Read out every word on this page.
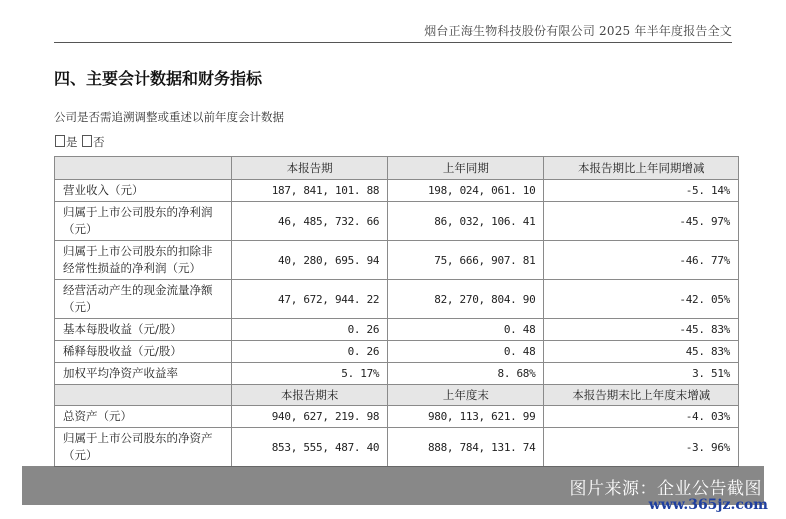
烟台正海生物科技股份有限公司 2025 年半年度报告全文
四、主要会计数据和财务指标
公司是否需追溯调整或重述以前年度会计数据
是 否
	本报告期	上年同期	本报告期比上年同期增减
营业收入（元）	187, 841, 101. 88	198, 024, 061. 10	-5. 14%
归属于上市公司股东的净利润（元）	46, 485, 732. 66	86, 032, 106. 41	-45. 97%
归属于上市公司股东的扣除非经常性损益的净利润（元）	40, 280, 695. 94	75, 666, 907. 81	-46. 77%
经营活动产生的现金流量净额（元）	47, 672, 944. 22	82, 270, 804. 90	-42. 05%
基本每股收益（元/股）	0. 26	0. 48	-45. 83%
稀释每股收益（元/股）	0. 26	0. 48	45. 83%
加权平均净资产收益率	5. 17%	8. 68%	3. 51%
	本报告期末	上年度末	本报告期末比上年度末增减
总资产（元）	940, 627, 219. 98	980, 113, 621. 99	-4. 03%
归属于上市公司股东的净资产（元）	853, 555, 487. 40	888, 784, 131. 74	-3. 96%
图片来源：企业公告截图
www.365jz.com
